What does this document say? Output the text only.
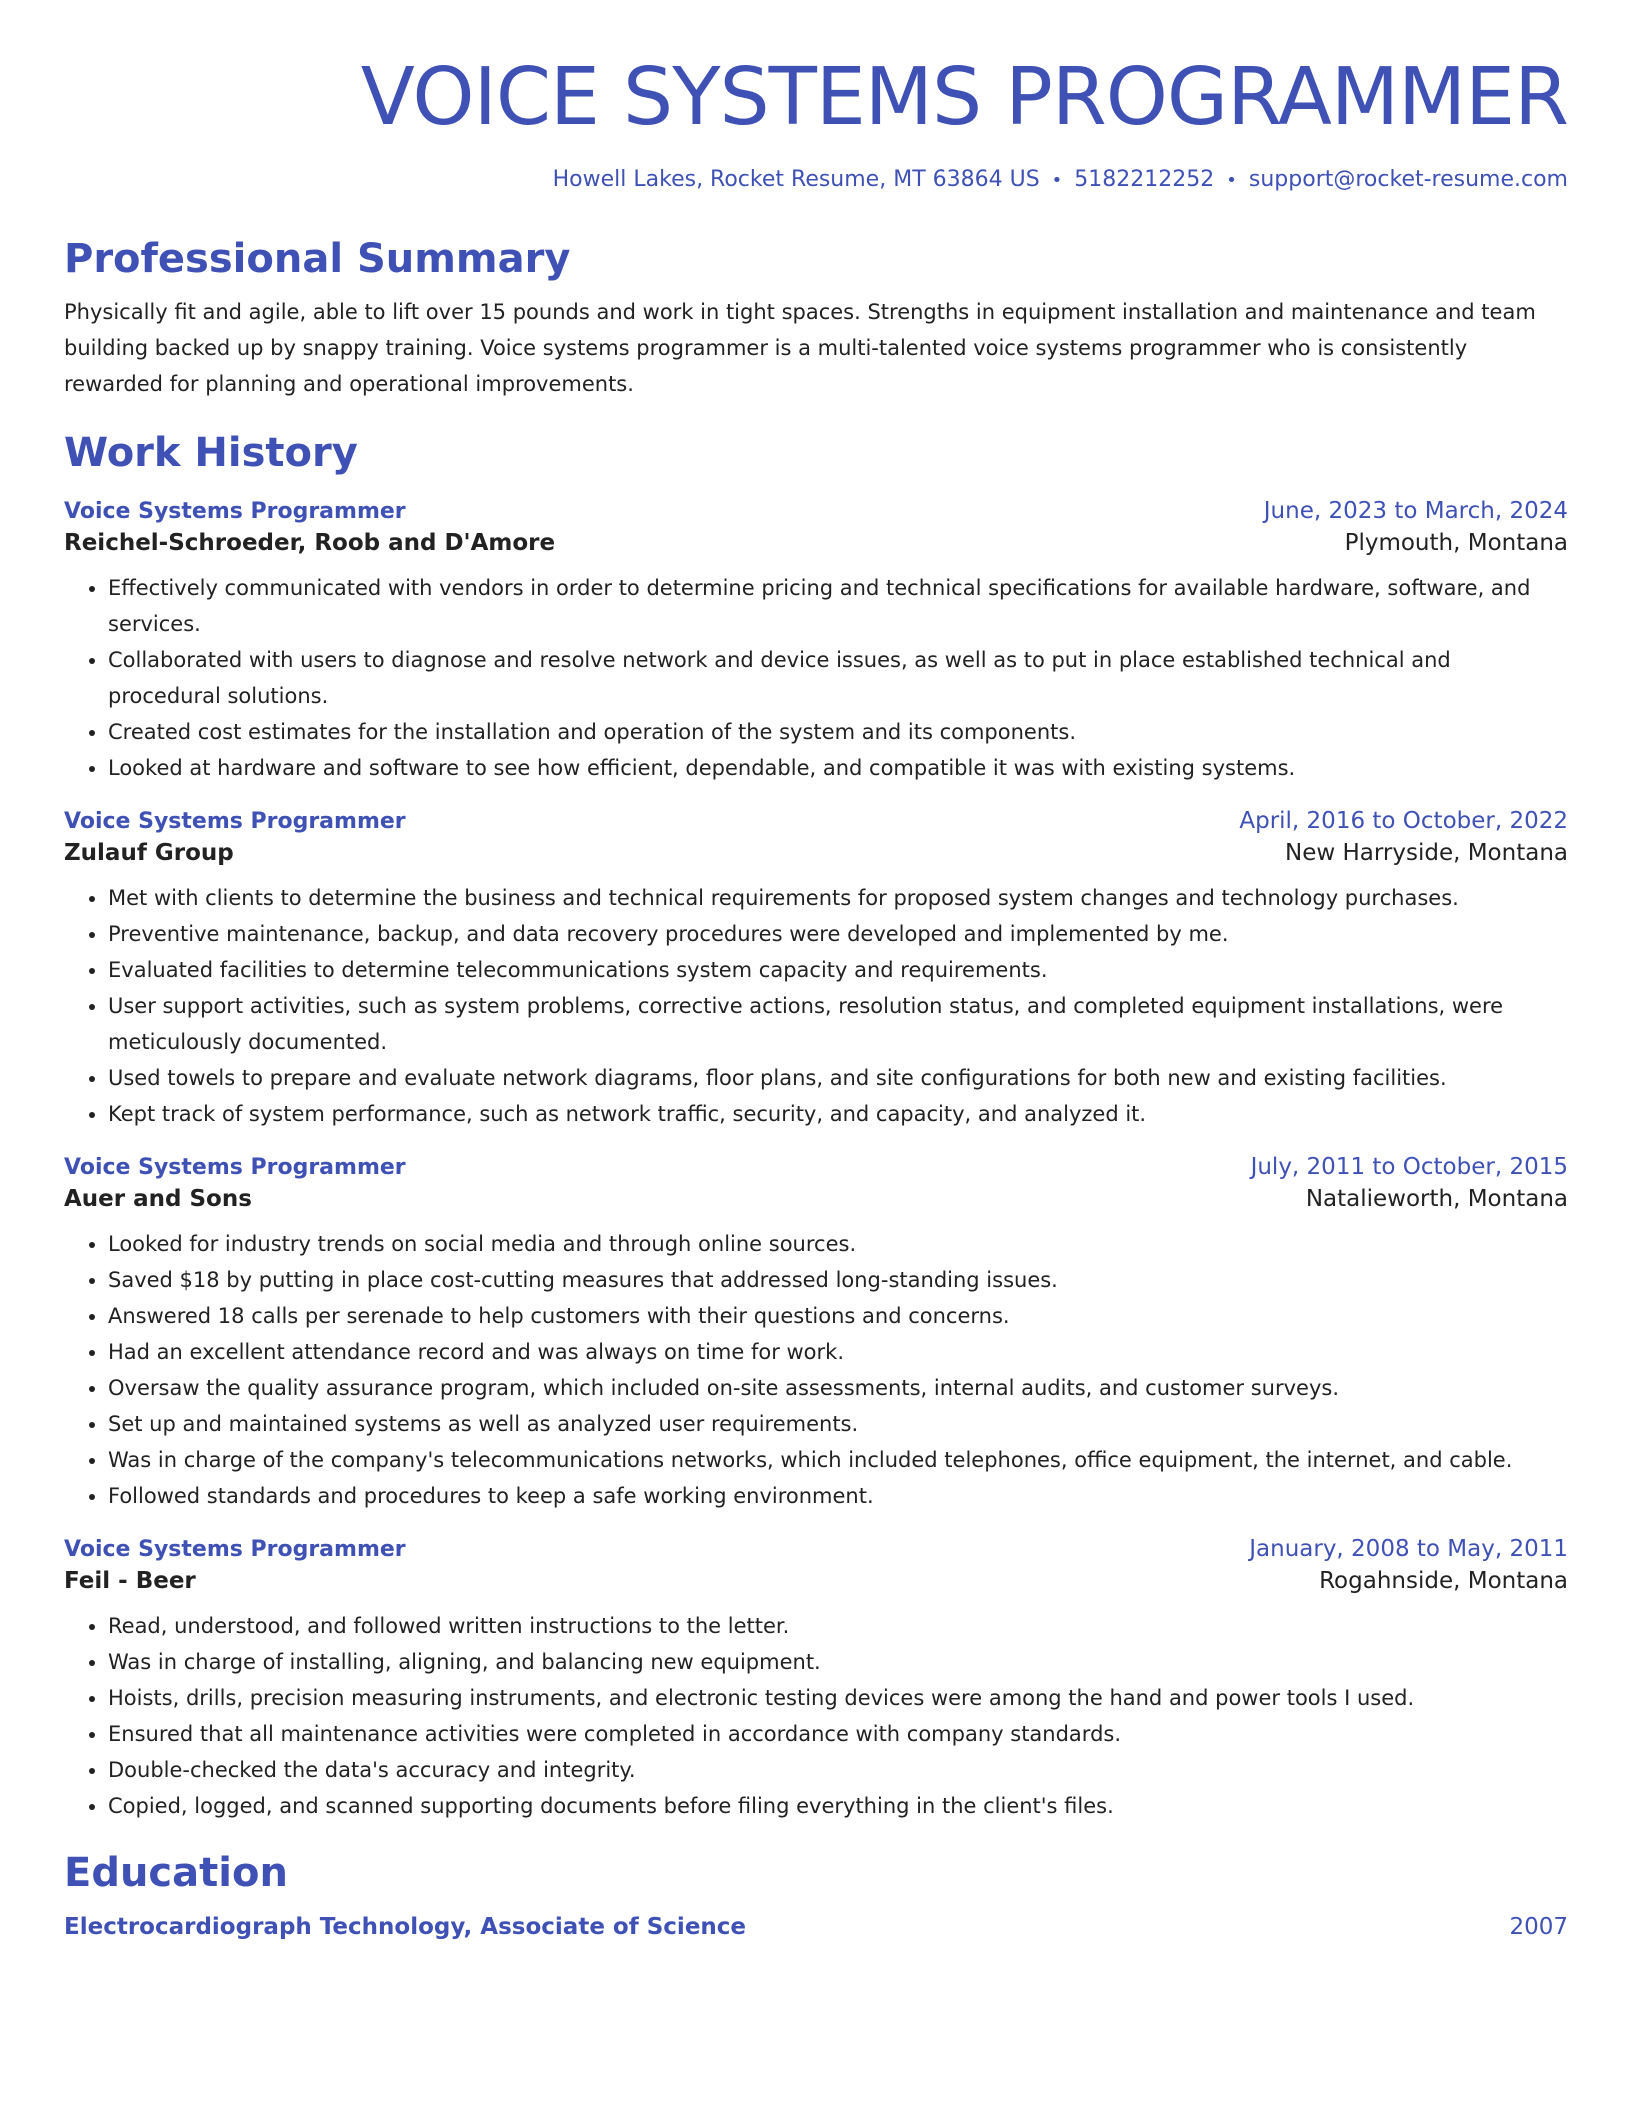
VOICE SYSTEMS PROGRAMMER
Howell Lakes, Rocket Resume, MT 63864 US • 5182212252 • support@rocket-resume.com
Professional Summary
Physically fit and agile, able to lift over 15 pounds and work in tight spaces. Strengths in equipment installation and maintenance and team building backed up by snappy training. Voice systems programmer is a multi-talented voice systems programmer who is consistently rewarded for planning and operational improvements.
Work History
Voice Systems Programmer	June, 2023 to March, 2024
Reichel-Schroeder, Roob and D'Amore	Plymouth, Montana
• Effectively communicated with vendors in order to determine pricing and technical specifications for available hardware, software, and services.
• Collaborated with users to diagnose and resolve network and device issues, as well as to put in place established technical and procedural solutions.
• Created cost estimates for the installation and operation of the system and its components.
• Looked at hardware and software to see how efficient, dependable, and compatible it was with existing systems.
Voice Systems Programmer	April, 2016 to October, 2022
Zulauf Group	New Harryside, Montana
• Met with clients to determine the business and technical requirements for proposed system changes and technology purchases.
• Preventive maintenance, backup, and data recovery procedures were developed and implemented by me.
• Evaluated facilities to determine telecommunications system capacity and requirements.
• User support activities, such as system problems, corrective actions, resolution status, and completed equipment installations, were meticulously documented.
• Used towels to prepare and evaluate network diagrams, floor plans, and site configurations for both new and existing facilities.
• Kept track of system performance, such as network traffic, security, and capacity, and analyzed it.
Voice Systems Programmer	July, 2011 to October, 2015
Auer and Sons	Natalieworth, Montana
• Looked for industry trends on social media and through online sources.
• Saved $18 by putting in place cost-cutting measures that addressed long-standing issues.
• Answered 18 calls per serenade to help customers with their questions and concerns.
• Had an excellent attendance record and was always on time for work.
• Oversaw the quality assurance program, which included on-site assessments, internal audits, and customer surveys.
• Set up and maintained systems as well as analyzed user requirements.
• Was in charge of the company's telecommunications networks, which included telephones, office equipment, the internet, and cable.
• Followed standards and procedures to keep a safe working environment.
Voice Systems Programmer	January, 2008 to May, 2011
Feil - Beer	Rogahnside, Montana
• Read, understood, and followed written instructions to the letter.
• Was in charge of installing, aligning, and balancing new equipment.
• Hoists, drills, precision measuring instruments, and electronic testing devices were among the hand and power tools I used.
• Ensured that all maintenance activities were completed in accordance with company standards.
• Double-checked the data's accuracy and integrity.
• Copied, logged, and scanned supporting documents before filing everything in the client's files.
Education
Electrocardiograph Technology, Associate of Science	2007
